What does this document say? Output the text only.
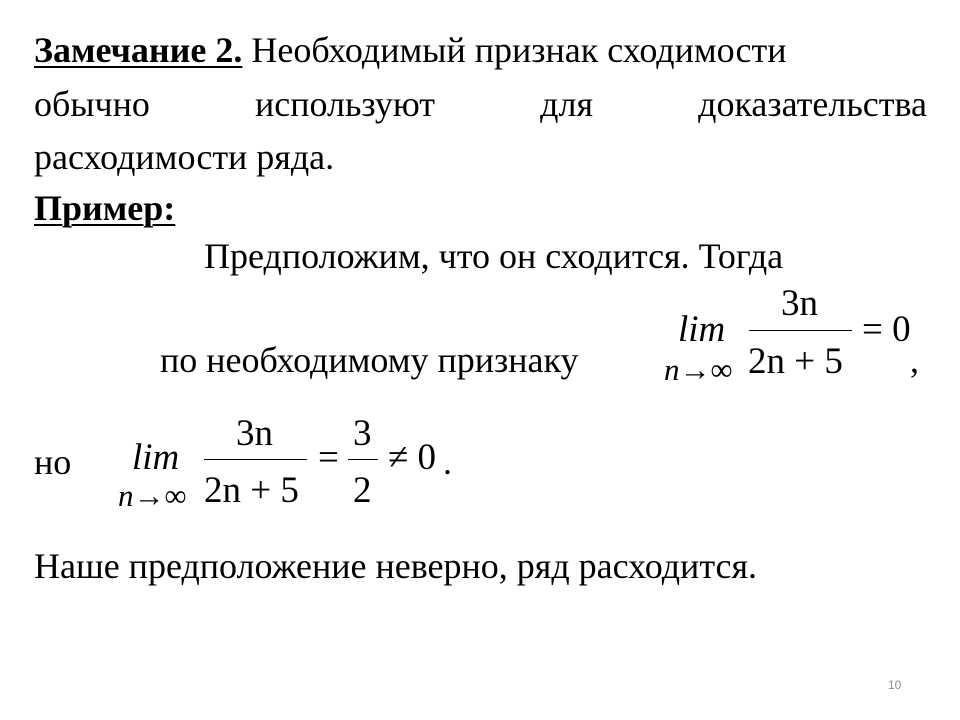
Замечание 2. Необходимый признак сходимости
обычно	используют	для	доказательства
расходимости ряда.
Пример:
Предположим, что он сходится. Тогда
по необходимому признаку
lim
n→∞
3n
2n + 5
= 0
,
но lim
n→∞
3n
2n + 5
=
3
2
≠ 0 .
Наше предположение неверно, ряд расходится.
10
